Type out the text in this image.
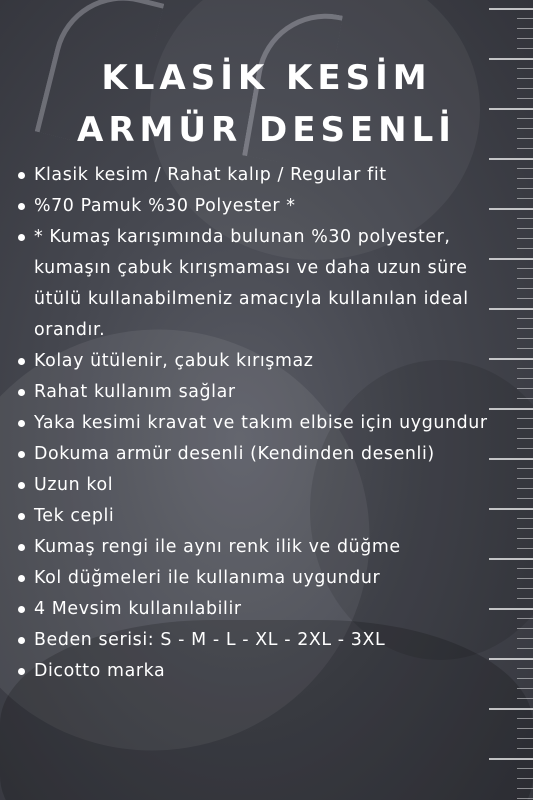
KLASİK KESİM
ARMÜR DESENLİ
Klasik kesim / Rahat kalıp / Regular fit
%70 Pamuk %30 Polyester *
* Kumaş karışımında bulunan %30 polyester, kumaşın çabuk kırışmaması ve daha uzun süre ütülü kullanabilmeniz amacıyla kullanılan ideal orandır.
Kolay ütülenir, çabuk kırışmaz
Rahat kullanım sağlar
Yaka kesimi kravat ve takım elbise için uygundur
Dokuma armür desenli (Kendinden desenli)
Uzun kol
Tek cepli
Kumaş rengi ile aynı renk ilik ve düğme
Kol düğmeleri ile kullanıma uygundur
4 Mevsim kullanılabilir
Beden serisi: S - M - L - XL - 2XL - 3XL
Dicotto marka
